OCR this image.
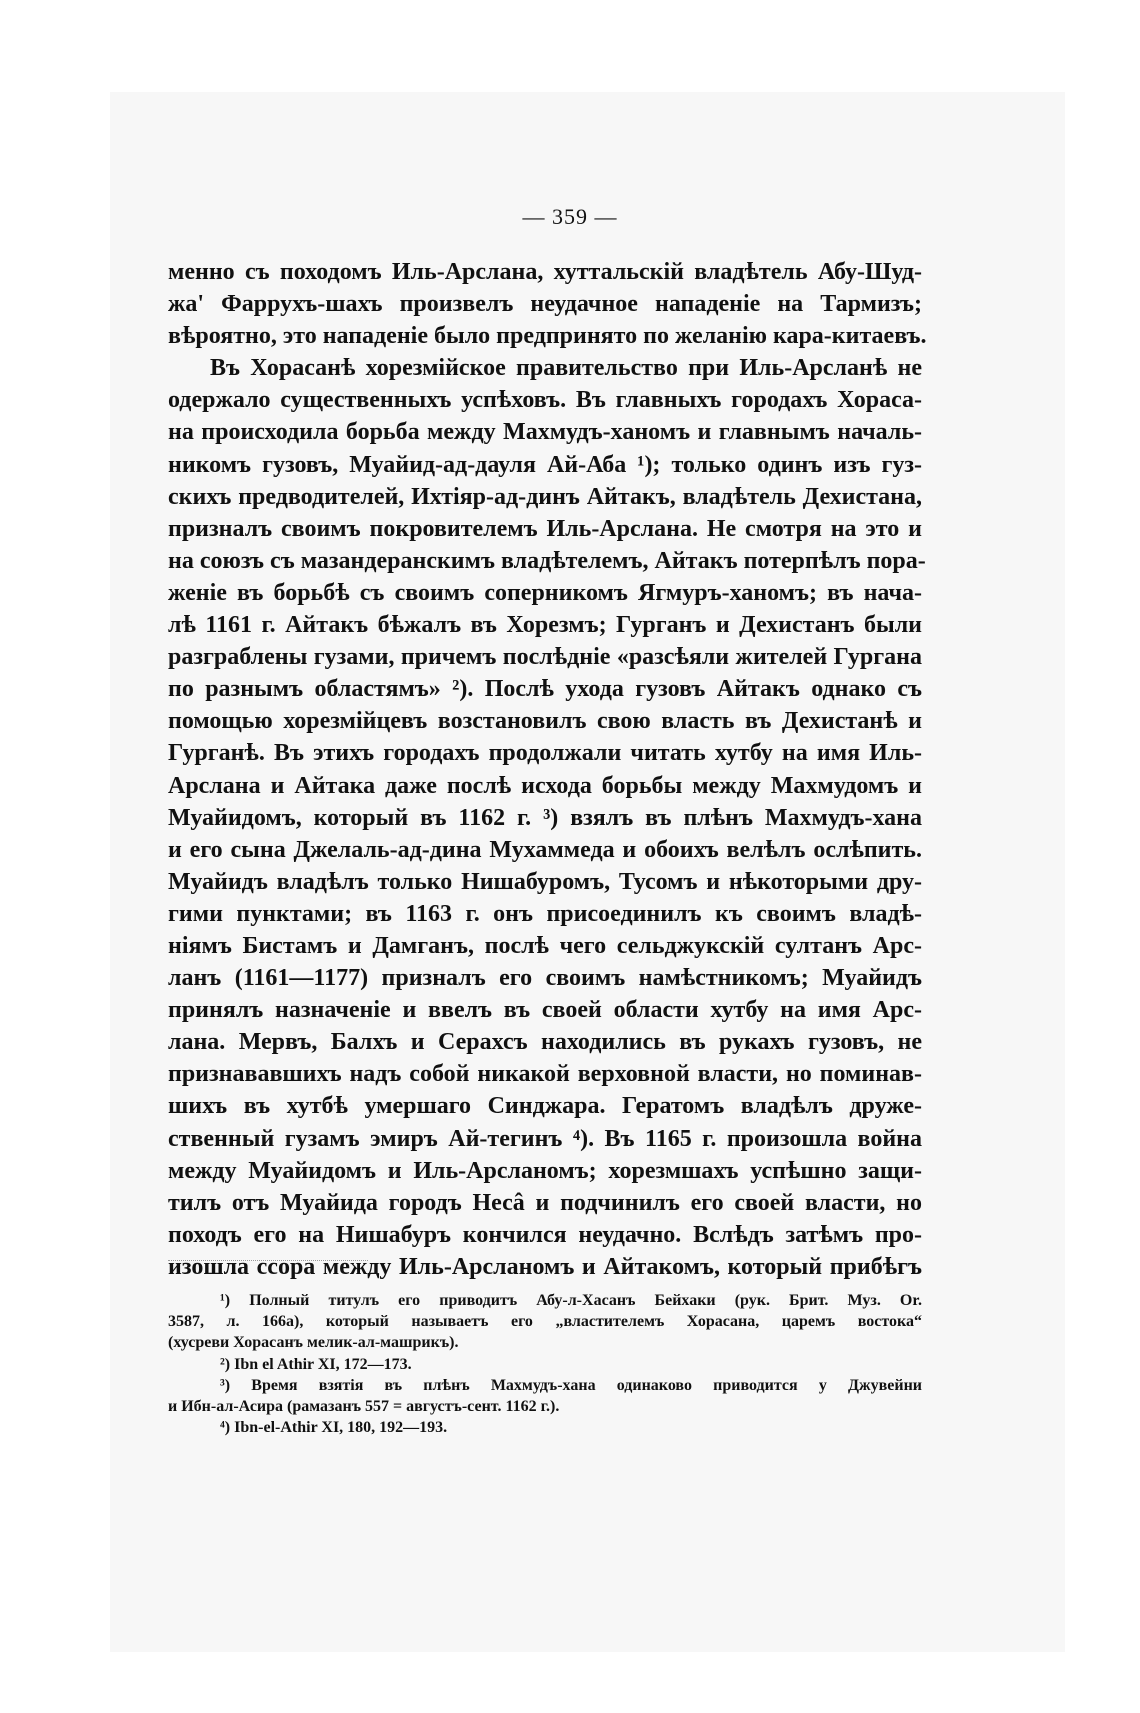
— 359 —
менно съ походомъ Иль-Арслана, хуттальскій владѣтель Абу-Шуд-
жа' Фаррухъ-шахъ произвелъ неудачное нападеніе на Тармизъ;
вѣроятно, это нападеніе было предпринято по желанію кара-китаевъ.
Въ Хорасанѣ хорезмійское правительство при Иль-Арсланѣ не
одержало существенныхъ успѣховъ. Въ главныхъ городахъ Хораса-
на происходила борьба между Махмудъ-ханомъ и главнымъ началь-
никомъ гузовъ, Муайид-ад-дауля Ай-Аба ¹); только одинъ изъ гуз-
скихъ предводителей, Ихтіяр-ад-динъ Айтакъ, владѣтель Дехистана,
призналъ своимъ покровителемъ Иль-Арслана. Не смотря на это и
на союзъ съ мазандеранскимъ владѣтелемъ, Айтакъ потерпѣлъ пора-
женіе въ борьбѣ съ своимъ соперникомъ Ягмуръ-ханомъ; въ нача-
лѣ 1161 г. Айтакъ бѣжалъ въ Хорезмъ; Гурганъ и Дехистанъ были
разграблены гузами, причемъ послѣдніе «разсѣяли жителей Гургана
по разнымъ областямъ» ²). Послѣ ухода гузовъ Айтакъ однако съ
помощью хорезмійцевъ возстановилъ свою власть въ Дехистанѣ и
Гурганѣ. Въ этихъ городахъ продолжали читать хутбу на имя Иль-
Арслана и Айтака даже послѣ исхода борьбы между Махмудомъ и
Муайидомъ, который въ 1162 г. ³) взялъ въ плѣнъ Махмудъ-хана
и его сына Джелаль-ад-дина Мухаммеда и обоихъ велѣлъ ослѣпить.
Муайидъ владѣлъ только Нишабуромъ, Тусомъ и нѣкоторыми дру-
гими пунктами; въ 1163 г. онъ присоединилъ къ своимъ владѣ-
ніямъ Бистамъ и Дамганъ, послѣ чего сельджукскій султанъ Арс-
ланъ (1161—1177) призналъ его своимъ намѣстникомъ; Муайидъ
принялъ назначеніе и ввелъ въ своей области хутбу на имя Арс-
лана. Мервъ, Балхъ и Серахсъ находились въ рукахъ гузовъ, не
признававшихъ надъ собой никакой верховной власти, но поминав-
шихъ въ хутбѣ умершаго Синджара. Гератомъ владѣлъ друже-
ственный гузамъ эмиръ Ай-тегинъ ⁴). Въ 1165 г. произошла война
между Муайидомъ и Иль-Арсланомъ; хорезмшахъ успѣшно защи-
тилъ отъ Муайида городъ Несâ и подчинилъ его своей власти, но
походъ его на Нишабуръ кончился неудачно. Вслѣдъ затѣмъ про-
изошла ссора между Иль-Арсланомъ и Айтакомъ, который прибѣгъ
¹) Полный титулъ его приводитъ Абу-л-Хасанъ Бейхаки (рук. Брит. Муз. Or.
3587, л. 166а), который называетъ его „властителемъ Хорасана, царемъ востока“
(хусреви Хорасанъ мелик-ал-машрикъ).
²) Ibn el Athir XI, 172—173.
³) Время взятія въ плѣнъ Махмудъ-хана одинаково приводится у Джувейни
и Ибн-ал-Асира (рамазанъ 557 = августъ-сент. 1162 г.).
⁴) Ibn-el-Athir XI, 180, 192—193.
